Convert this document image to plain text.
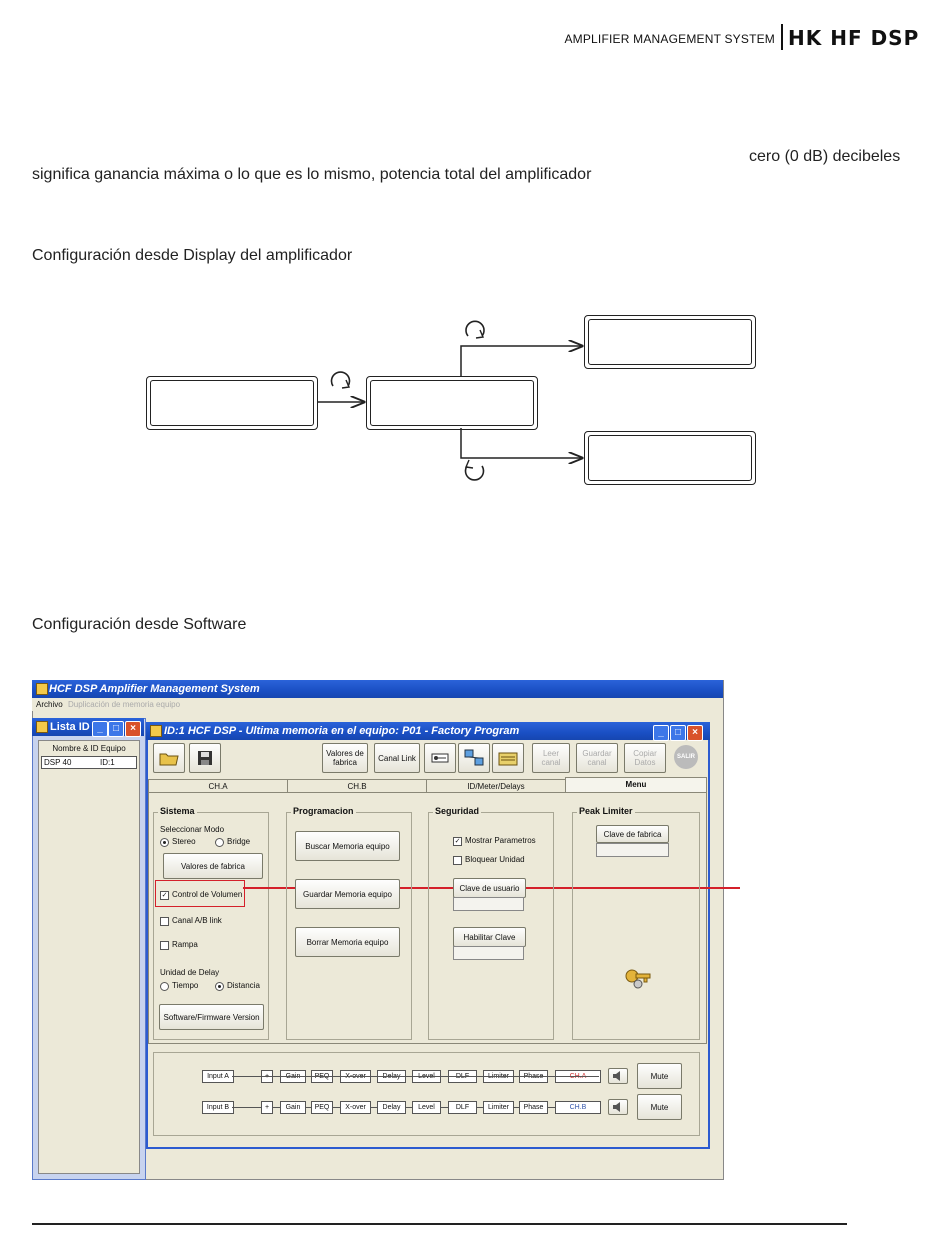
AMPLIFIER MANAGEMENT SYSTEM HK HF DSP
cero (0 dB) decibeles
significa ganancia máxima o lo que es lo mismo, potencia total del amplificador
Configuración desde Display del amplificador
Configuración desde Software
HCF DSP Amplifier Management System
Archivo Duplicación de memoria equipo
Lista ID _	□	×
Nombre & ID Equipo
DSP 40	ID:1
ID:1 HCF DSP - Ultima memoria en el equipo: P01 - Factory Program	_	□	×
Valores de fabrica	Canal Link	Leer canal
Guardar canal
Copiar Datos
SALIR
CH.A	CH.B	ID/Meter/Delays	Menu
Sistema
Seleccionar Modo
Stereo	Bridge
Valores de fabrica
✓ Control de Volumen
Canal A/B link
Rampa
Unidad de Delay
Tiempo	Distancia
Software/Firmware Version
Programacion
Buscar Memoria equipo
Guardar Memoria equipo
Borrar Memoria equipo
Seguridad
✓ Mostrar Parametros
Bloquear Unidad
Clave de usuario
Habilitar Clave
Peak Limiter
Clave de fabrica
Input A	Mute
Input B	+	Gain	PEQ	X-over	Delay	Level	DLF	Limiter	Phase	CH.B	Mute
